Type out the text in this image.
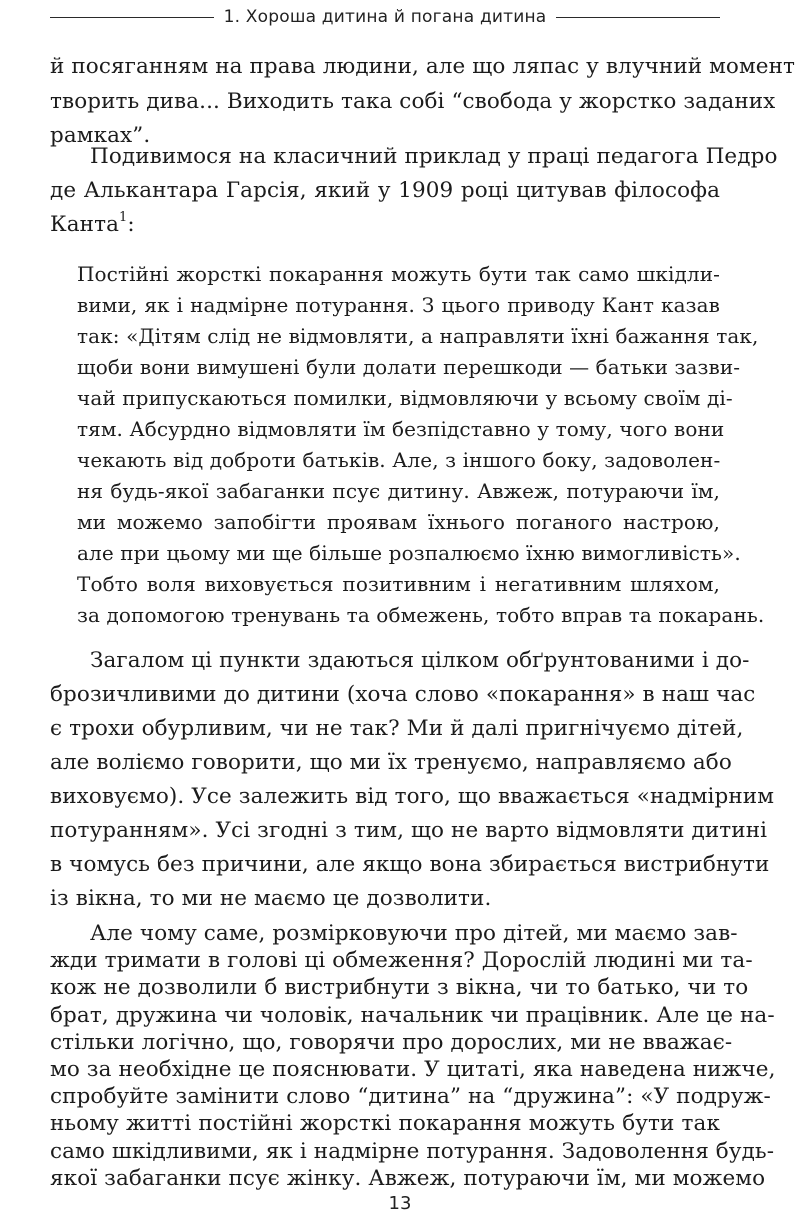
1. Хороша дитина й погана дитина
й посяганням на права людини, але що ляпас у влучний момент
творить дива... Виходить така собі “свобода у жорстко заданих
рамках”.
Подивимося на класичний приклад у праці педагога Педро
де Алькантара Гарсія, який у 1909 році цитував філософа
Канта$^1$:
Постійні жорсткі покарання можуть бути так само шкідли-
вими, як і надмірне потурання. З цього приводу Кант казав
так: «Дітям слід не відмовляти, а направляти їхні бажання так,
щоби вони вимушені були долати перешкоди — батьки зазви-
чай припускаються помилки, відмовляючи у всьому своїм ді-
тям. Абсурдно відмовляти їм безпідставно у тому, чого вони
чекають від доброти батьків. Але, з іншого боку, задоволен-
ня будь-якої забаганки псує дитину. Авжеж, потураючи їм,
ми можемо запобігти проявам їхнього поганого настрою,
але при цьому ми ще більше розпалюємо їхню вимогливість».
Тобто воля виховується позитивним і негативним шляхом,
за допомогою тренувань та обмежень, тобто вправ та покарань.
Загалом ці пункти здаються цілком обґрунтованими і до-
брозичливими до дитини (хоча слово «покарання» в наш час
є трохи обурливим, чи не так? Ми й далі пригнічуємо дітей,
але воліємо говорити, що ми їх тренуємо, направляємо або
виховуємо). Усе залежить від того, що вважається «надмірним
потуранням». Усі згодні з тим, що не варто відмовляти дитині
в чомусь без причини, але якщо вона збирається вистрибнути
із вікна, то ми не маємо це дозволити.
Але чому саме, розмірковуючи про дітей, ми маємо зав-
жди тримати в голові ці обмеження? Дорослій людині ми та-
кож не дозволили б вистрибнути з вікна, чи то батько, чи то
брат, дружина чи чоловік, начальник чи працівник. Але це на-
стільки логічно, що, говорячи про дорослих, ми не вважає-
мо за необхідне це пояснювати. У цитаті, яка наведена нижче,
спробуйте замінити слово “дитина” на “дружина”: «У подруж-
ньому житті постійні жорсткі покарання можуть бути так
само шкідливими, як і надмірне потурання. Задоволення будь-
якої забаганки псує жінку. Авжеж, потураючи їм, ми можемо
13
